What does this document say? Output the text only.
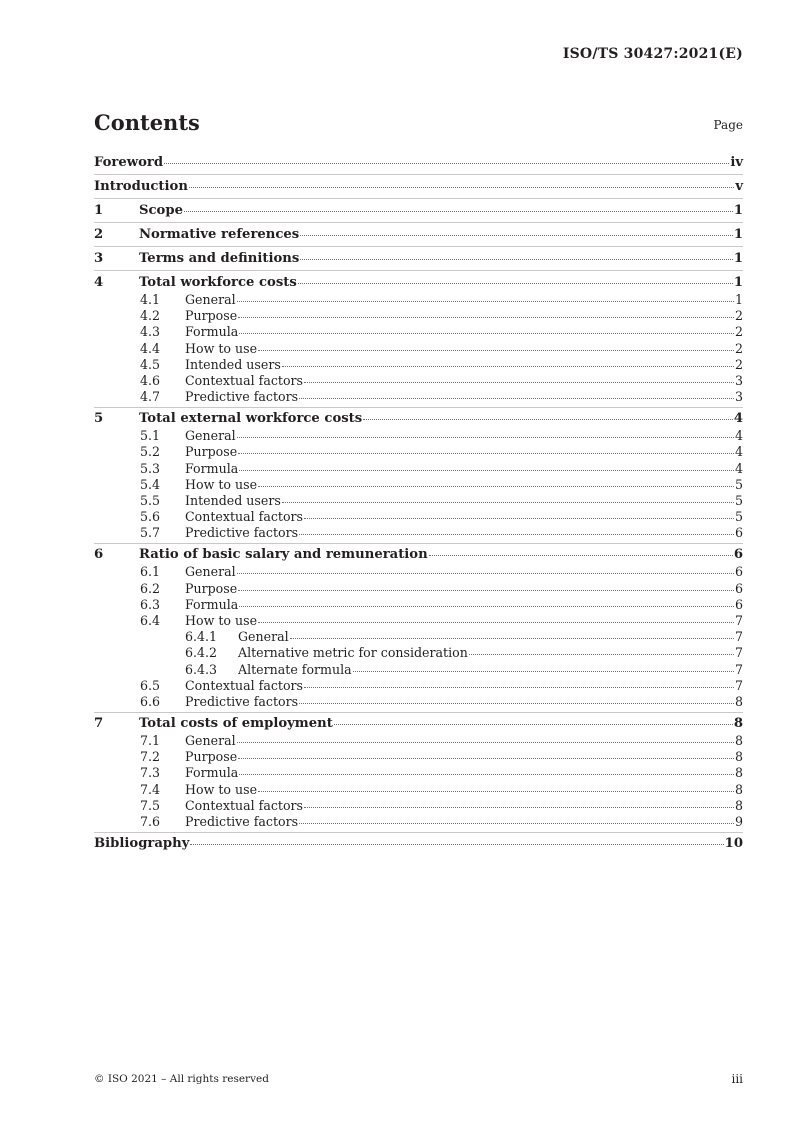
ISO/TS 30427:2021(E)
Contents	Page
Foreword	iv
Introduction	v
1	Scope	1
2	Normative references	1
3	Terms and definitions	1
4	Total workforce costs	1
4.1	General	1
4.2	Purpose	2
4.3	Formula	2
4.4	How to use	2
4.5	Intended users	2
4.6	Contextual factors	3
4.7	Predictive factors	3
5	Total external workforce costs	4
5.1	General	4
5.2	Purpose	4
5.3	Formula	4
5.4	How to use	5
5.5	Intended users	5
5.6	Contextual factors	5
5.7	Predictive factors	6
6	Ratio of basic salary and remuneration	6
6.1	General	6
6.2	Purpose	6
6.3	Formula	6
6.4	How to use	7
6.4.1	General	7
6.4.2	Alternative metric for consideration	7
6.4.3	Alternate formula	7
6.5	Contextual factors	7
6.6	Predictive factors	8
7	Total costs of employment	8
7.1	General	8
7.2	Purpose	8
7.3	Formula	8
7.4	How to use	8
7.5	Contextual factors	8
7.6	Predictive factors	9
Bibliography	10
© ISO 2021 – All rights reserved	iii
